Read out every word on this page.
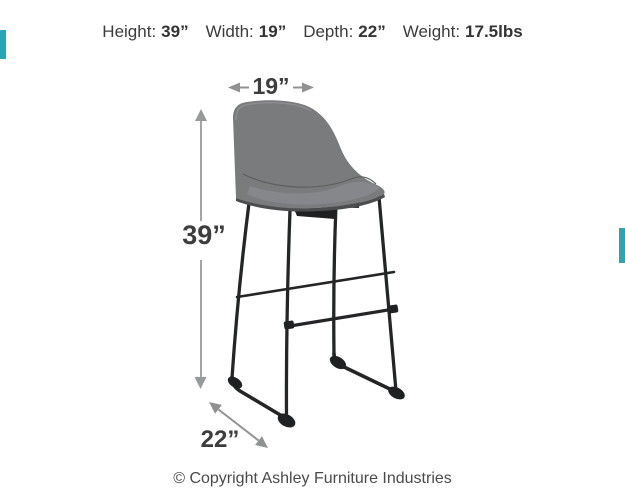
Height: 39” Width: 19” Depth: 22” Weight: 17.5lbs
19”
39”
22”
© Copyright Ashley Furniture Industries
